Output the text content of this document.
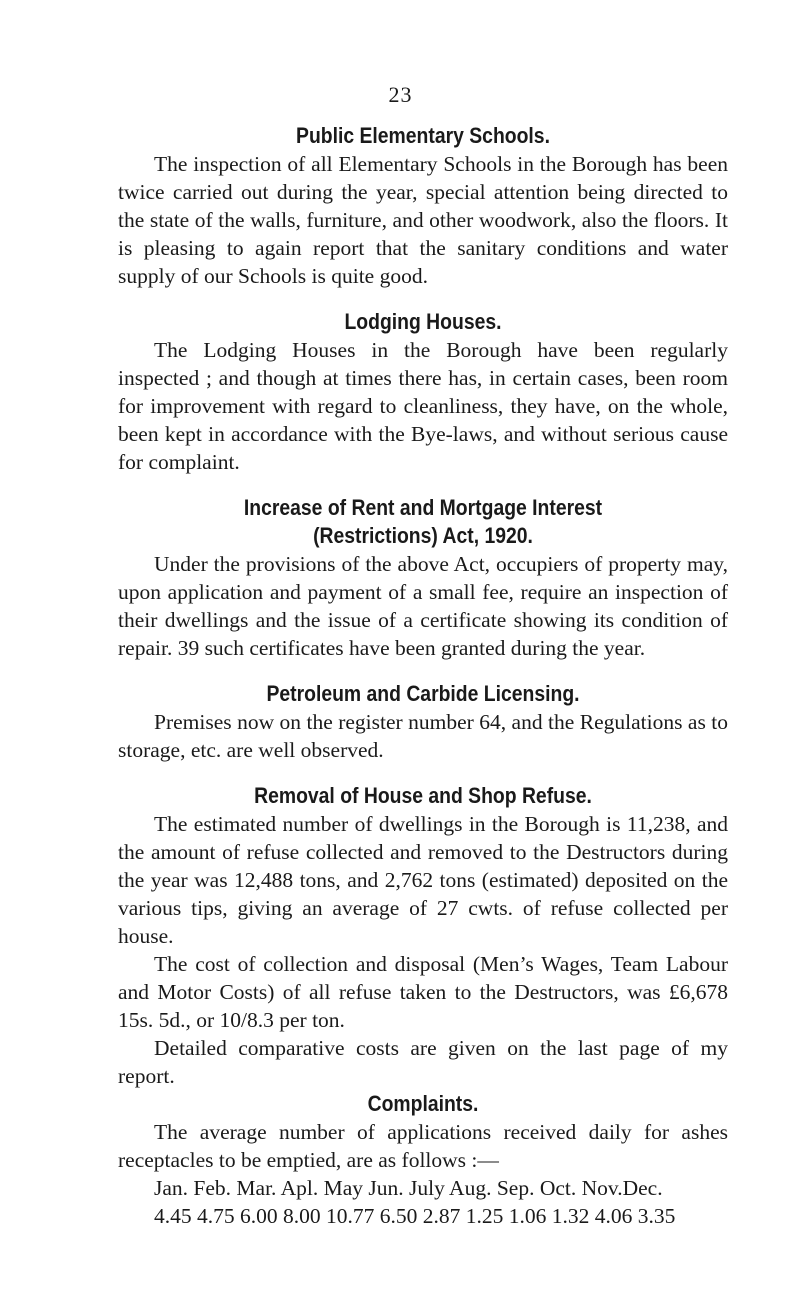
23
Public Elementary Schools.

The inspection of all Elementary Schools in the Borough has been twice carried out during the year, special attention being directed to the state of the walls, furniture, and other woodwork, also the floors. It is pleasing to again report that the sanitary conditions and water supply of our Schools is quite good.

Lodging Houses.

The Lodging Houses in the Borough have been regularly inspected ; and though at times there has, in certain cases, been room for improvement with regard to cleanliness, they have, on the whole, been kept in accordance with the Bye-laws, and without serious cause for complaint.

Increase of Rent and Mortgage Interest
(Restrictions) Act, 1920.

Under the provisions of the above Act, occupiers of property may, upon application and payment of a small fee, require an inspection of their dwellings and the issue of a certificate showing its condition of repair. 39 such certificates have been granted during the year.

Petroleum and Carbide Licensing.

Premises now on the register number 64, and the Regulations as to storage, etc. are well observed.

Removal of House and Shop Refuse.

The estimated number of dwellings in the Borough is 11,238, and the amount of refuse collected and removed to the Destructors during the year was 12,488 tons, and 2,762 tons (estimated) deposited on the various tips, giving an average of 27 cwts. of refuse collected per house.

The cost of collection and disposal (Men’s Wages, Team Labour and Motor Costs) of all refuse taken to the Destructors, was £6,678 15s. 5d., or 10/8.3 per ton.

Detailed comparative costs are given on the last page of my report.

Complaints.

The average number of applications received daily for ashes receptacles to be emptied, are as follows :—

Jan. Feb. Mar. Apl. May Jun. July Aug. Sep. Oct. Nov.Dec.
4.45 4.75 6.00 8.00 10.77 6.50 2.87 1.25 1.06 1.32 4.06 3.35
